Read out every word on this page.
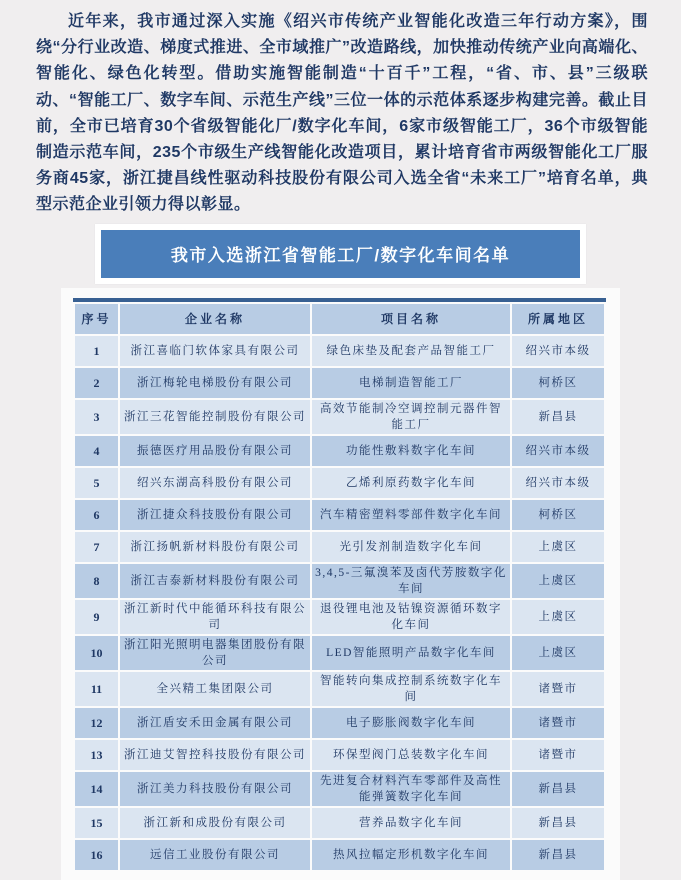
近年来，我市通过深入实施《绍兴市传统产业智能化改造三年行动方案》，围绕“分行业改造、梯度式推进、全市域推广”改造路线，加快推动传统产业向高端化、智能化、绿色化转型。借助实施智能制造“十百千”工程，“省、市、县”三级联动、“智能工厂、数字车间、示范生产线”三位一体的示范体系逐步构建完善。截止目前，全市已培育30个省级智能化厂/数字化车间，6家市级智能工厂，36个市级智能制造示范车间，235个市级生产线智能化改造项目，累计培育省市两级智能化工厂服务商45家，浙江捷昌线性驱动科技股份有限公司入选全省“未来工厂”培育名单，典型示范企业引领力得以彰显。
我市入选浙江省智能工厂/数字化车间名单
序号	企业名称	项目名称	所属地区
1	浙江喜临门软体家具有限公司	绿色床垫及配套产品智能工厂	绍兴市本级
2	浙江梅轮电梯股份有限公司	电梯制造智能工厂	柯桥区
3	浙江三花智能控制股份有限公司	高效节能制冷空调控制元器件智能工厂	新昌县
4	振德医疗用品股份有限公司	功能性敷料数字化车间	绍兴市本级
5	绍兴东湖高科股份有限公司	乙烯利原药数字化车间	绍兴市本级
6	浙江捷众科技股份有限公司	汽车精密塑料零部件数字化车间	柯桥区
7	浙江扬帆新材料股份有限公司	光引发剂制造数字化车间	上虞区
8	浙江吉泰新材料股份有限公司	3,4,5-三氟溴苯及卤代芳胺数字化车间	上虞区
9	浙江新时代中能循环科技有限公司	退役锂电池及钴镍资源循环数字化车间	上虞区
10	浙江阳光照明电器集团股份有限公司	LED智能照明产品数字化车间	上虞区
11	全兴精工集团限公司	智能转向集成控制系统数字化车间	诸暨市
12	浙江盾安禾田金属有限公司	电子膨胀阀数字化车间	诸暨市
13	浙江迪艾智控科技股份有限公司	环保型阀门总装数字化车间	诸暨市
14	浙江美力科技股份有限公司	先进复合材料汽车零部件及高性能弹簧数字化车间	新昌县
15	浙江新和成股份有限公司	营养品数字化车间	新昌县
16	远信工业股份有限公司	热风拉幅定形机数字化车间	新昌县
